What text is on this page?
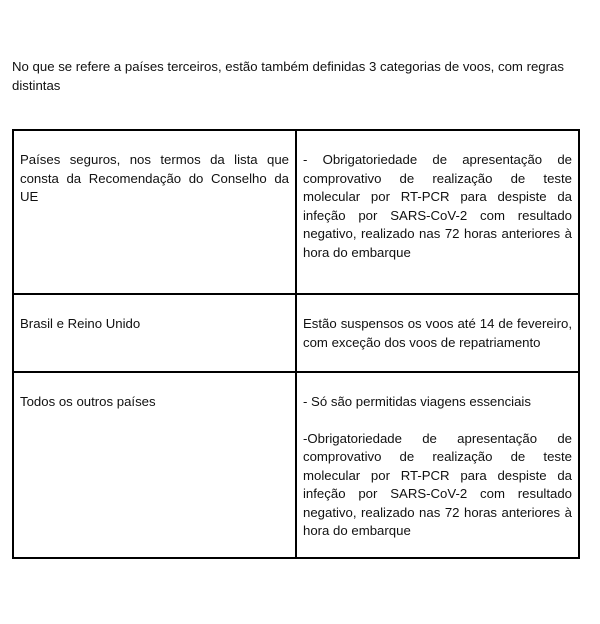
No que se refere a países terceiros, estão também definidas 3 categorias de voos, com regras distintas

Países seguros, nos termos da lista que consta da Recomendação do Conselho da UE	- Obrigatoriedade de apresentação de comprovativo de realização de teste molecular por RT-PCR para despiste da infeção por SARS-CoV-2 com resultado negativo, realizado nas 72 horas anteriores à hora do embarque

Brasil e Reino Unido	Estão suspensos os voos até 14 de fevereiro, com exceção dos voos de repatriamento

Todos os outros países	- Só são permitidas viagens essenciais

-Obrigatoriedade de apresentação de comprovativo de realização de teste molecular por RT-PCR para despiste da infeção por SARS-CoV-2 com resultado negativo, realizado nas 72 horas anteriores à hora do embarque
